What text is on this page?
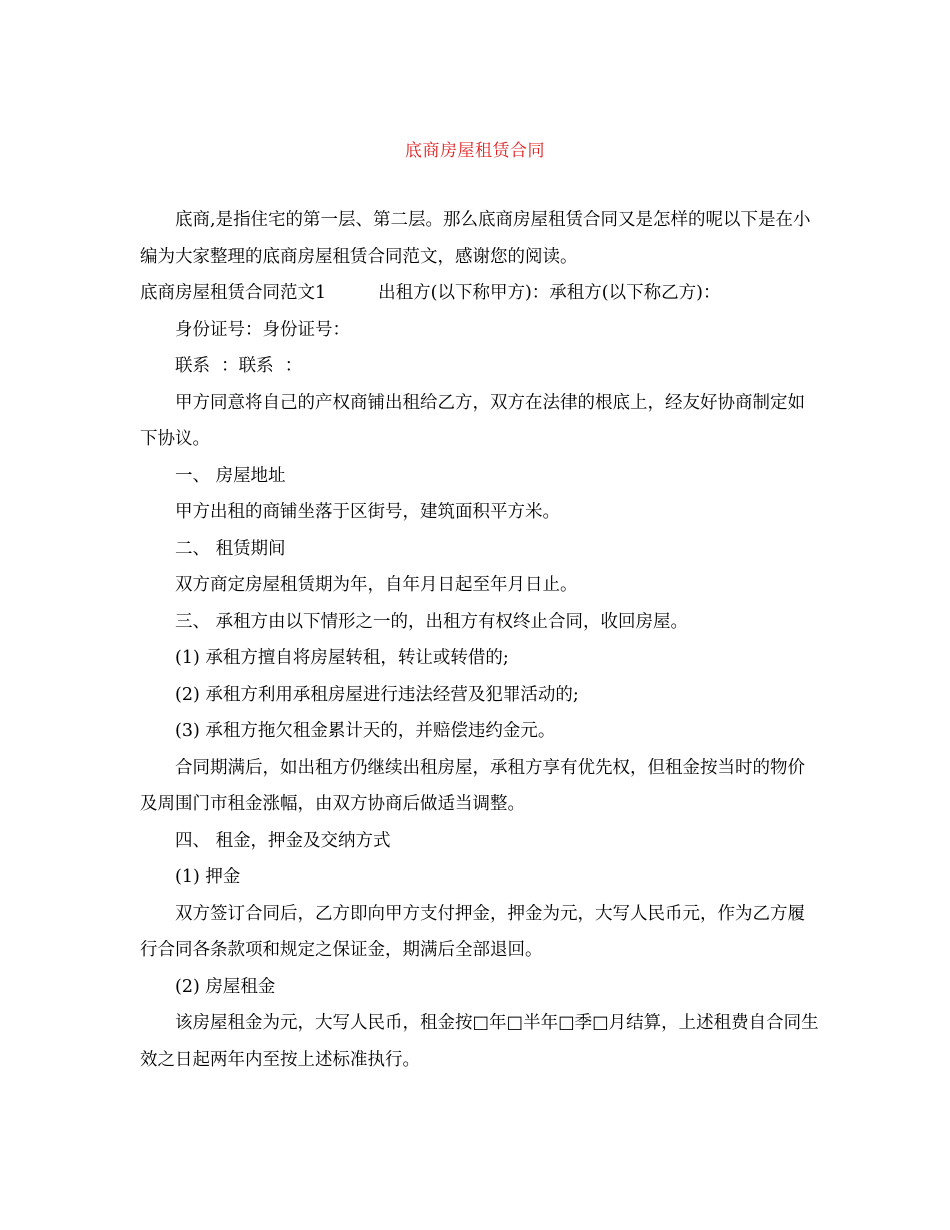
底商房屋租赁合同

底商,是指住宅的第一层、第二层。那么底商房屋租赁合同又是怎样的呢以下是在小编为大家整理的底商房屋租赁合同范文，感谢您的阅读。

底商房屋租赁合同范文1	出租方(以下称甲方)：承租方(以下称乙方)：

身份证号：身份证号：

联系  ：联系  ：

甲方同意将自己的产权商铺出租给乙方，双方在法律的根底上，经友好协商制定如下协议。

一、 房屋地址

甲方出租的商铺坐落于区街号，建筑面积平方米。

二、 租赁期间

双方商定房屋租赁期为年，自年月日起至年月日止。

三、 承租方由以下情形之一的，出租方有权终止合同，收回房屋。

(1) 承租方擅自将房屋转租，转让或转借的;

(2) 承租方利用承租房屋进行违法经营及犯罪活动的;

(3) 承租方拖欠租金累计天的，并赔偿违约金元。

合同期满后，如出租方仍继续出租房屋，承租方享有优先权，但租金按当时的物价及周围门市租金涨幅，由双方协商后做适当调整。

四、 租金，押金及交纳方式

(1) 押金

双方签订合同后，乙方即向甲方支付押金，押金为元，大写人民币元，作为乙方履行合同各条款项和规定之保证金，期满后全部退回。

(2) 房屋租金

该房屋租金为元，大写人民币，租金按□年□半年□季□月结算，上述租费自合同生效之日起两年内至按上述标准执行。
